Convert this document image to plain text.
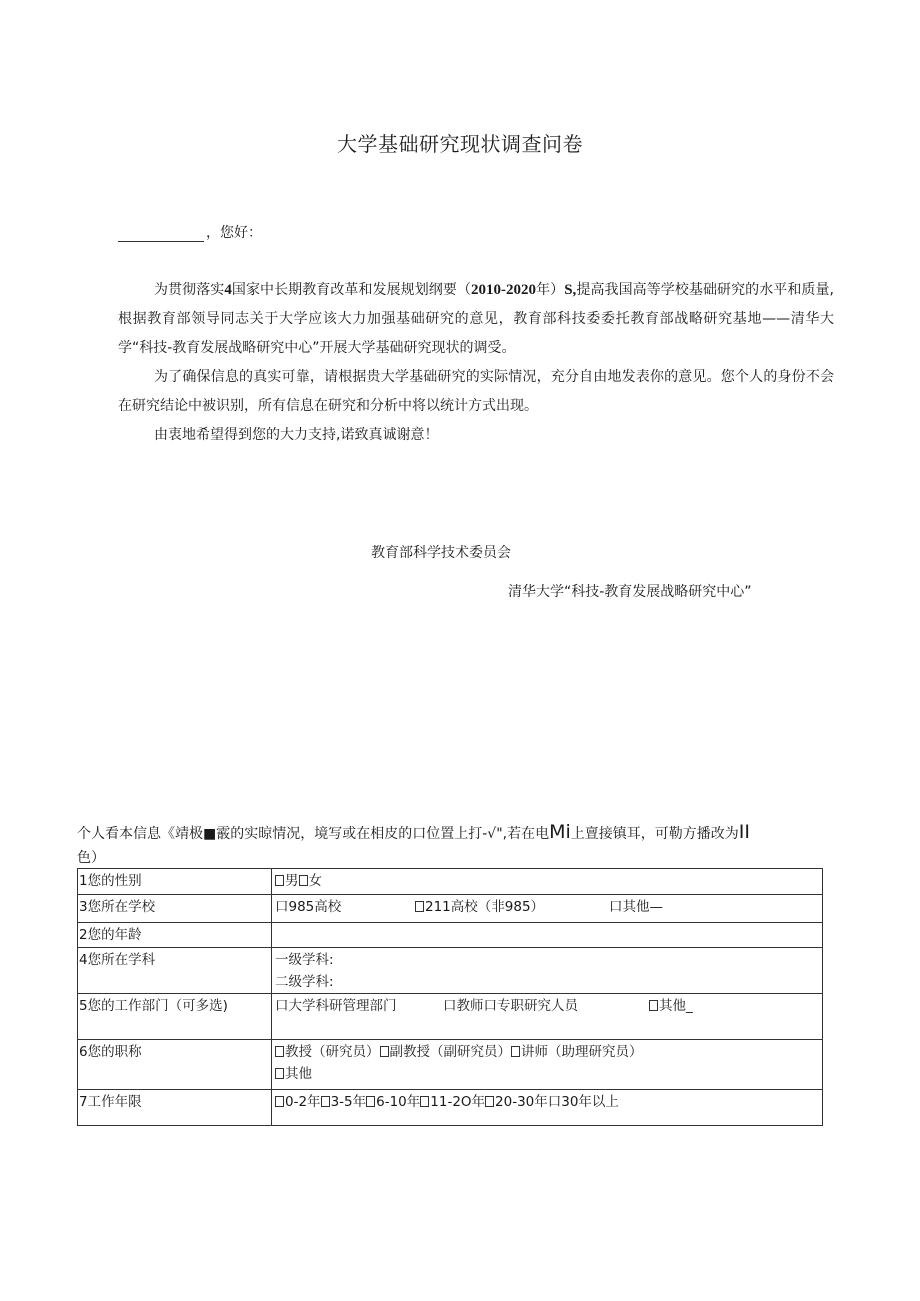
大学基础研究现状调查问卷
，您好：
为贯彻落实4国家中长期教育改革和发展规划纲要（2010-2020年）S,提高我国高等学校基础研究的水平和质量,根据教育部领导同志关于大学应该大力加强基础研究的意见，教育部科技委委托教育部战略研究基地——清华大学“科技-教育发展战略研究中心”开展大学基础研究现状的调受。
为了确保信息的真实可靠，请根据贵大学基础研究的实际情况，充分自由地发表你的意见。您个人的身份不会在研究结论中被识别，所有信息在研究和分析中将以统计方式出现。
由衷地希望得到您的大力支持,诺致真诚谢意！
教育部科学技术委员会
清华大学“科技-教育发展战略研究中心”
个人看本信息《靖极■霰的实晾情况，境写或在相皮的口位置上打-√",若在电Mi上亶接镇耳，可勒方播改为II
色）
1您的性别	男 女
3您所在学校	口985高校 211高校（非985） 口其他—
2您的年龄	
4您所在学科	一级学科:
二级学科:

5您的工作部门（可多选)	口大学科研管理部门 口教师口专职研究人员 其他_
6您的职称	教授（研究员） 副教授（副研究员） 讲师（助理研究员）
其他

7工作年限	0-2年 3-5年 6-10年 11-2O年 20-30年口30年以上
